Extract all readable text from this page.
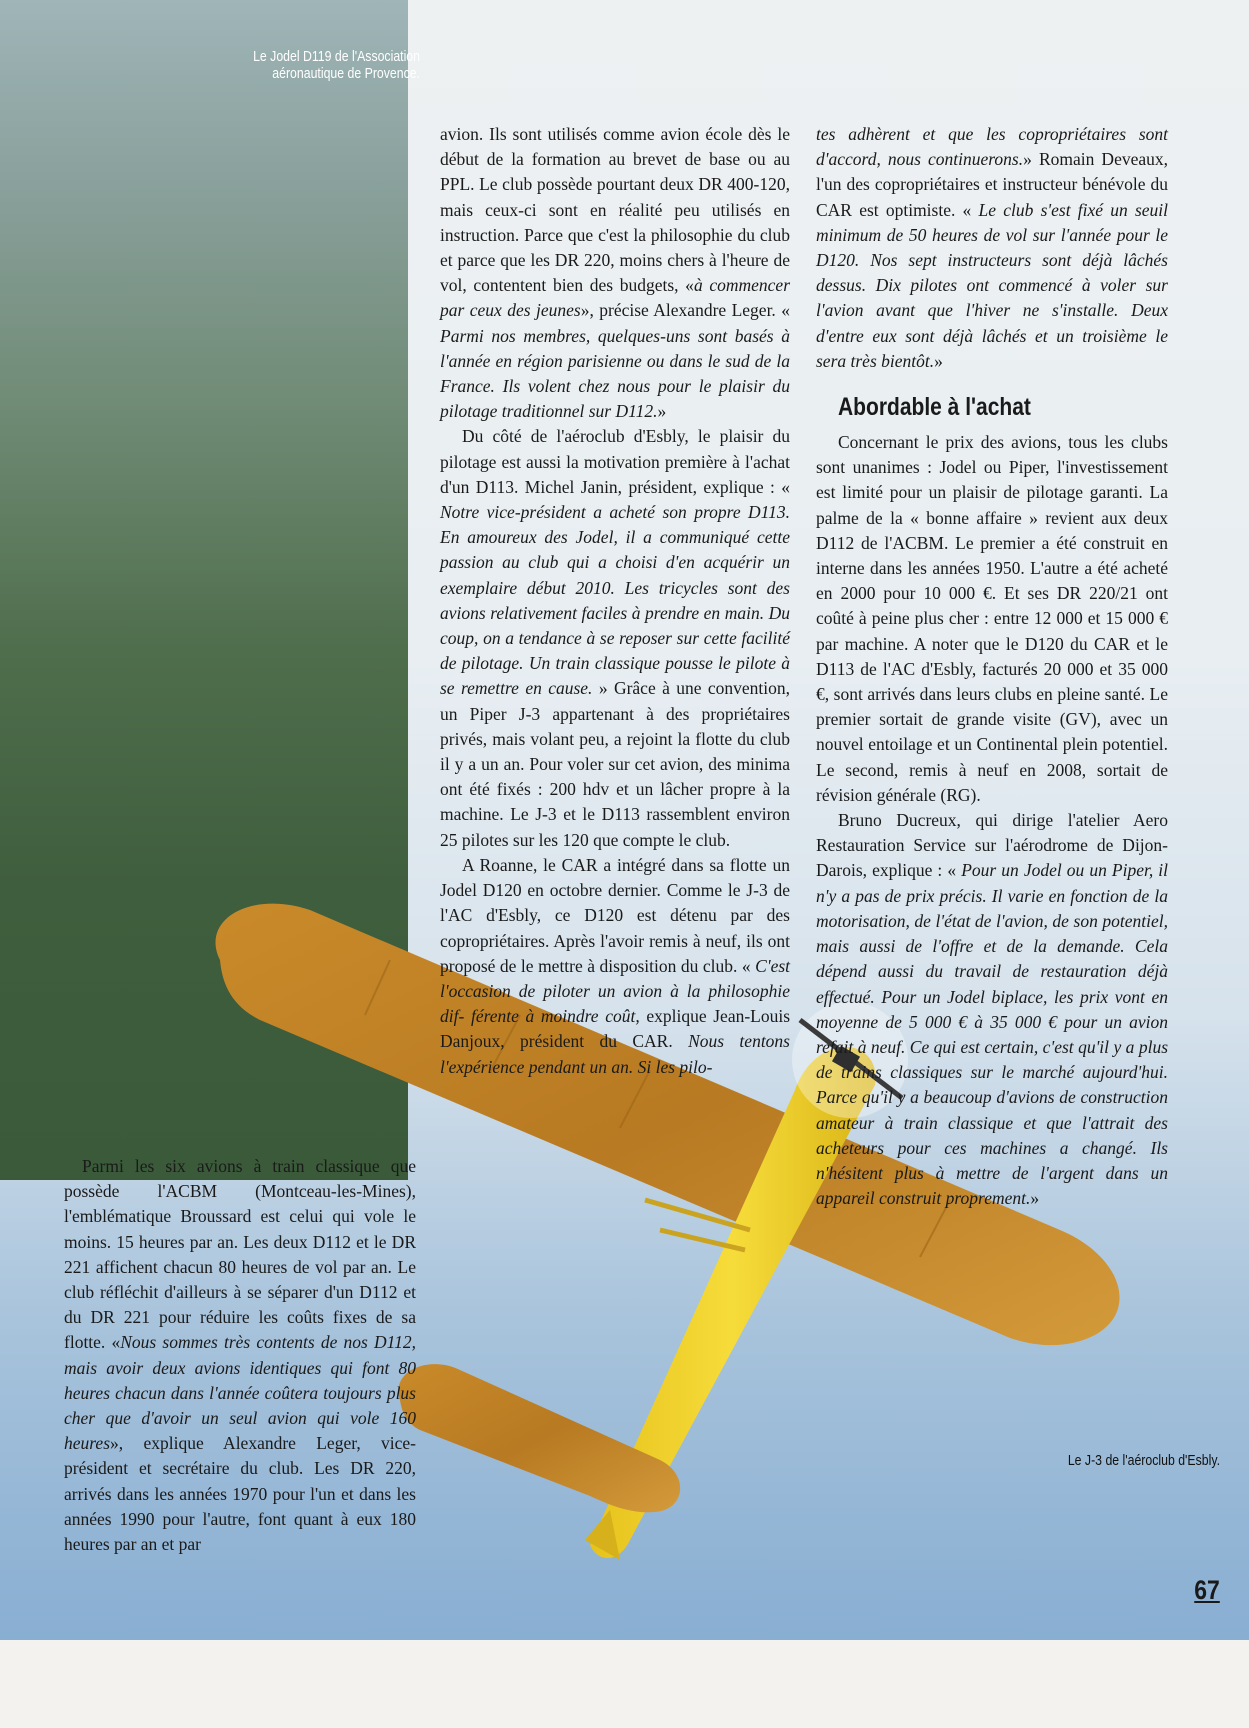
Le Jodel D119 de l'Association aéronautique de Provence.

avion. Ils sont utilisés comme avion école dès le début de la formation au brevet de base ou au PPL. Le club possède pourtant deux DR 400-120, mais ceux-ci sont en réalité peu utilisés en instruction. Parce que c'est la philosophie du club et parce que les DR 220, moins chers à l'heure de vol, contentent bien des budgets, «à commencer par ceux des jeunes», précise Alexandre Leger. « Parmi nos membres, quelques-uns sont basés à l'année en région parisienne ou dans le sud de la France. Ils volent chez nous pour le plaisir du pilotage traditionnel sur D112.»

Du côté de l'aéroclub d'Esbly, le plaisir du pilotage est aussi la motivation première à l'achat d'un D113. Michel Janin, président, explique : « Notre vice-président a acheté son propre D113. En amoureux des Jodel, il a communiqué cette passion au club qui a choisi d'en acquérir un exemplaire début 2010. Les tricycles sont des avions relativement faciles à prendre en main. Du coup, on a tendance à se reposer sur cette facilité de pilotage. Un train classique pousse le pilote à se remettre en cause. » Grâce à une convention, un Piper J-3 appartenant à des propriétaires privés, mais volant peu, a rejoint la flotte du club il y a un an. Pour voler sur cet avion, des minima ont été fixés : 200 hdv et un lâcher propre à la machine. Le J-3 et le D113 rassemblent environ 25 pilotes sur les 120 que compte le club.

A Roanne, le CAR a intégré dans sa flotte un Jodel D120 en octobre dernier. Comme le J-3 de l'AC d'Esbly, ce D120 est détenu par des copropriétaires. Après l'avoir remis à neuf, ils ont proposé de le mettre à disposition du club. « C'est l'occasion de piloter un avion à la philosophie dif- férente à moindre coût, explique Jean-Louis Danjoux, président du CAR. Nous tentons l'expérience pendant un an. Si les pilo-

tes adhèrent et que les copropriétaires sont d'accord, nous continuerons.» Romain Deveaux, l'un des copropriétaires et instructeur bénévole du CAR est optimiste. « Le club s'est fixé un seuil minimum de 50 heures de vol sur l'année pour le D120. Nos sept instructeurs sont déjà lâchés dessus. Dix pilotes ont commencé à voler sur l'avion avant que l'hiver ne s'installe. Deux d'entre eux sont déjà lâchés et un troisième le sera très bientôt.»

Abordable à l'achat

Concernant le prix des avions, tous les clubs sont unanimes : Jodel ou Piper, l'investissement est limité pour un plaisir de pilotage garanti. La palme de la « bonne affaire » revient aux deux D112 de l'ACBM. Le premier a été construit en interne dans les années 1950. L'autre a été acheté en 2000 pour 10 000 €. Et ses DR 220/21 ont coûté à peine plus cher : entre 12 000 et 15 000 € par machine. A noter que le D120 du CAR et le D113 de l'AC d'Esbly, facturés 20 000 et 35 000 €, sont arrivés dans leurs clubs en pleine santé. Le premier sortait de grande visite (GV), avec un nouvel entoilage et un Continental plein potentiel. Le second, remis à neuf en 2008, sortait de révision générale (RG).

Bruno Ducreux, qui dirige l'atelier Aero Restauration Service sur l'aérodrome de Dijon-Darois, explique : « Pour un Jodel ou un Piper, il n'y a pas de prix précis. Il varie en fonction de la motorisation, de l'état de l'avion, de son potentiel, mais aussi de l'offre et de la demande. Cela dépend aussi du travail de restauration déjà effectué. Pour un Jodel biplace, les prix vont en moyenne de 5 000 € à 35 000 € pour un avion refait à neuf. Ce qui est certain, c'est qu'il y a plus de trains classiques sur le marché aujourd'hui. Parce qu'il y a beaucoup d'avions de construction amateur à train classique et que l'attrait des acheteurs pour ces machines a changé. Ils n'hésitent plus à mettre de l'argent dans un appareil construit proprement.»

Parmi les six avions à train classique que possède l'ACBM (Montceau-les-Mines), l'emblématique Broussard est celui qui vole le moins. 15 heures par an. Les deux D112 et le DR 221 affichent chacun 80 heures de vol par an. Le club réfléchit d'ailleurs à se séparer d'un D112 et du DR 221 pour réduire les coûts fixes de sa flotte. «Nous sommes très contents de nos D112, mais avoir deux avions identiques qui font 80 heures chacun dans l'année coûtera toujours plus cher que d'avoir un seul avion qui vole 160 heures», explique Alexandre Leger, vice-président et secrétaire du club. Les DR 220, arrivés dans les années 1970 pour l'un et dans les années 1990 pour l'autre, font quant à eux 180 heures par an et par

Le J-3 de l'aéroclub d'Esbly.
67
